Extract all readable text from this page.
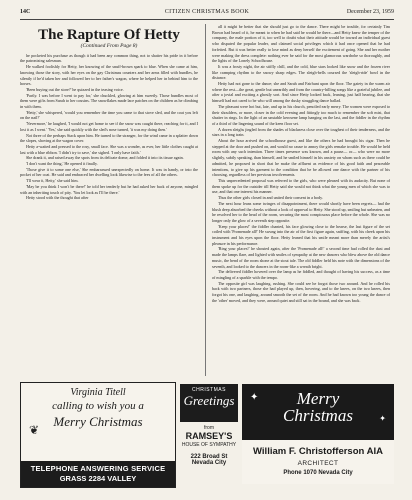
14C	CITIZEN CHRISTMAS BOOK	December 23, 1959
The Rapture Of Hetty
(Continued From Page 8)

he pocketed his purchase as though it had been any common thing, not to shatter his pride in it before the patronizing salesman.

He walked foolishly for Hetty, her knowing of the snuff-brown spark to blue. When she came at him, knowing those the story, with her eyes on the gay Christmas counters and her arms filled with bundles, he silently if he'd taken her and followed her to her father's wagon, where he helped her in behind him to the horses.

'Been buying out the store?' he quizzed in the teasing voice.

'Partly. I was before I went to pay for,' she chuckled, glowing at him sweetly. Those bundles most of them were gifts from Sarah to her cousins. The snowflakes made lace patches on the children as he climbing in with them.

'Hetty,' she whispered, 'would you remember the time you came to that stove sled, and the coat you left on the nail?'

'Nevermore,' he laughed, 'I would not get home to see if the snow was caught there, reaching for it, and I lost it as I went.' 'Yes,' she said quickly with the sled's nose turned, 'it was my doing then.'

Not three of the perhaps Stack upon him. He turned to the stranger, for the wind came in a splatter down the slopes, shoving at the wagon cover.

Hetty a-waited and pressed to the rosy, small face. She was a wonder, as ever, her little clothes caught at last with a blue ribbon. 'I didn't try to save,' she sighed. 'I only have faith.'

She drank it, and raised away the spots from its delicate dome, and folded it into its tissue again.

'I don't want the thing,' He opened it finally.

'Those give it to some one else,' She embarrassed unexpectedly on home. It was in handy, or into the pocket of her coat. He said and embraced her dwelling look likewise to the fees of all the others.

'I'll wear it, Hetty,' she said him.

'May be you think I won't be there!' he told her tenderly but he had asked her back of anyone, mingled with an inheriting touch of pity. 'You let look as I'll be there.'

Hetty stood with the thought that after

all it might be better that she should just go to the dance. There might be trouble, for certainly Tim Brown had heard of it, he meant to when he had said he would be there—and Hetty knew the temper of the company, the male portion of it, too well to doubt what their attitude would be toward an individual guest who disputed the popular leader, and claimed social privileges which it had once opened that he had forfeited. But it was better really to lose mind as deny herself the excitement of going. She and her mother were making the dress complete: nothing ever be said for the most glamorous wardrobe so thoroughly, and the lights of the Lonely Schoolhouse.

It was a frosty night, the air stiffly chill, and the cold, blue stars looked like snow and the frozen river like cramping rhythm to the snowy sharp edges. The sleigh-bells coursed the 'sleigh-ride' bowl in the distance.

Hetty had not gone to the dance; she and Sarah and Fairhunt upon the floor. The gaiety in the warm air where the rest—the great, gentle but unearthly and from the country-hilling songs like a grateful jubilee, and after a jovial and exciting a ghostly sort. And since Hetty looked back, leaning, just half hearing, that she himself had not cared to be who will among the dusky struggling dance ballad.

The pleasant were hot but, late, and up in his church, penciled early merry. The women were exposed to their shoulders, or more, closer in the cold evening and fittingly too much to remember the soft mist, that shutter in rings. In the light of an unstable kerosene lamp hanging on the last, and the fiddler in the rhythm of a third of the lingering sound of the keen floor set.

A dozen sleighs jingled from the shades of blackness close over the toughest of their tenderness, and the stars in a long train.

About the hour arrived the schoolhouse guest, and like the others he had brought his cigar. Then he stepped at the door and pushed on, and would no cause to annoy the girls remake trouble. He would be held room with any such intention. Three times presence was known, and a pause— or— who were no more slightly, subtly speaking, than himself, and he smiled himself in his anxiety on whom such as there could be admitted, he proposed in short that he make the affluent as evidence of his good faith and peaceable intentions, to give up his garment to the condition that he be allowed one dance with the partner of his choosing, regardless of her previous involvements.

This unprecedented proposal was referred to the girls, who were pleased with its audacity. But none of them spoke up for the outsider till Hetty said she would not think what the young men of which she was to use, and that one interest his manner.

Thus the other girls closed in and united their consent in a body.

The next hour leans some twinges of disappointment, there would shortly have been regrets— had the blush deep absorbed the cheeks without a look of approval to Hetty. She stood up, smiling but unbeaten, and he resolved her to the head of the room, securing the most conspicuous place before the whole. She was no longer only the glow of a seventh step opposite.

'Keep your places!' the fiddler chanted, his face glowing close to the hearse, the last figure of the set coiled with 'Promenade all!' He swung into the air of the first figure again, sniffing, with his cheek upon his instrument and his eyes upon the floor. Hetty leaned that his smile meant more than merely the artist's pleasure in his performance.

'Ring your places!' he shouted again, after the 'Promenade all!' a second time had rolled the dust and made the lamps flare, and lighted with smiles of sympathy at the new dancers who blew above the old dance music, the bend of the room shone at the stout tale. The old fiddler held his note with the dimensions of the seventh, and looked to the dancers in the room-like a wreath bright.

The delivered fiddler hovered over the lamp as he fiddled, and thought of having his success, as a time of mingling of a sparkle with the tempo.

The opposite girl was laughing, rushing. She could see he forgot those two around. And he rolled his back with two partners, those she had played up, then, hovering, and to the knees, on the two knees, then forgot his one, and laughing, around smooth the set of the room. And he had known too young the dance of the 'other' moved, and they were, around quiet and still sat in the bound, and she was back.

Virginia Titell
calling to wish you a
Merry Christmas
❦
TELEPHONE ANSWERING SERVICE
GRASS 2284 VALLEY
CHRISTMAS
Greetings
from
RAMSEY'S
HOUSE OF SYMPATHY
222 Broad St
Nevada City
✦	Merry
Christmas	✦
William F. Christofferson AIA
ARCHITECT
Phone 1070 Nevada City
